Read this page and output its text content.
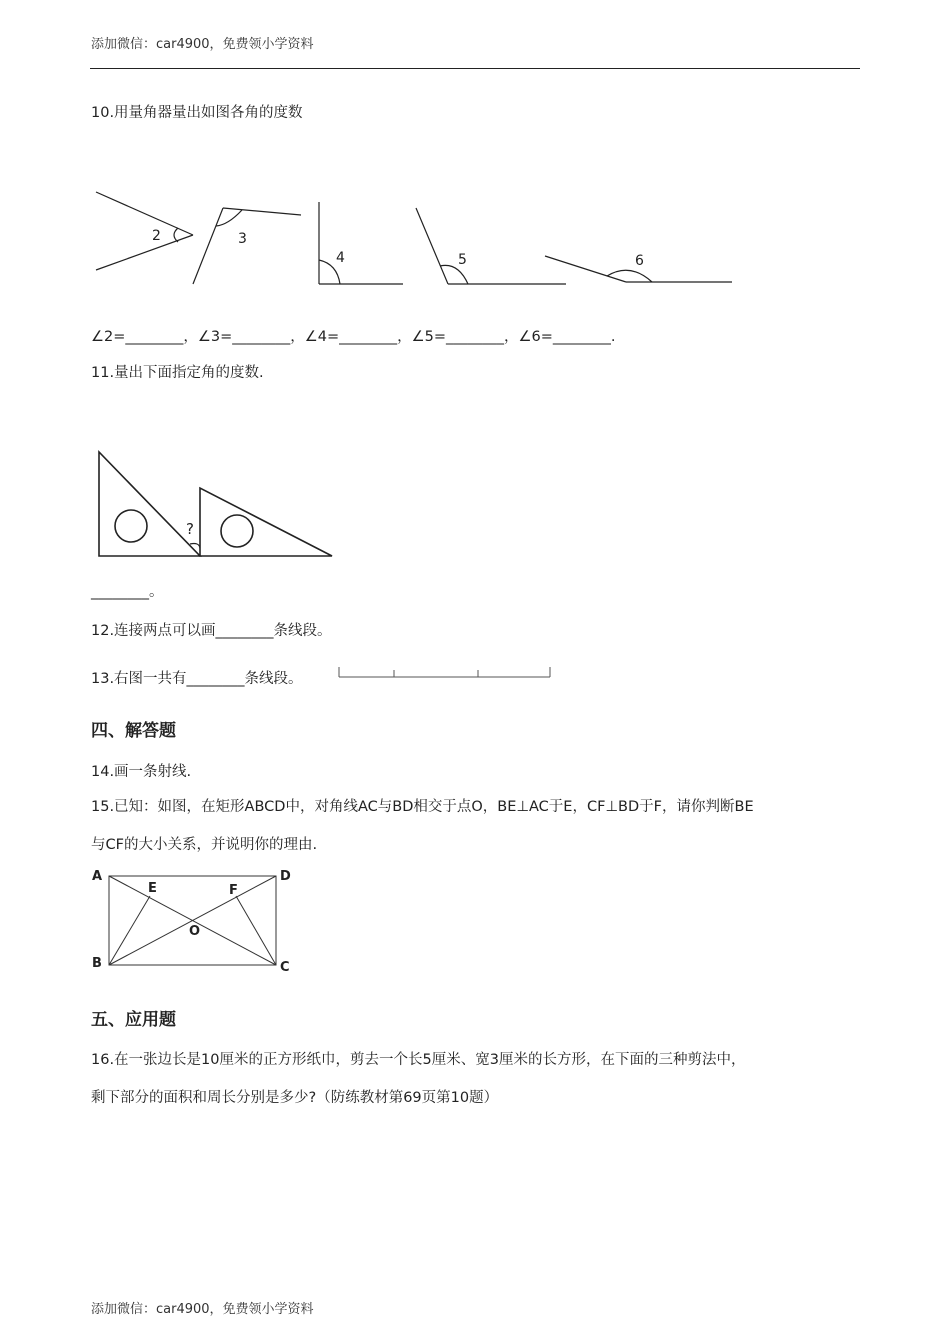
添加微信：car4900，免费领小学资料
10.用量角器量出如图各角的度数
2	3
4	5	6
∠2=________，∠3=________，∠4=________，∠5=________，∠6=________.
11.量出下面指定角的度数.
?
________。
12.连接两点可以画________条线段。
13.右图一共有________条线段。
四、解答题
14.画一条射线.
15.已知：如图，在矩形ABCD中，对角线AC与BD相交于点O，BE⊥AC于E，CF⊥BD于F，请你判断BE
与CF的大小关系，并说明你的理由.
A	D
E	F
O
B	C
五、应用题
16.在一张边长是10厘米的正方形纸巾，剪去一个长5厘米、宽3厘米的长方形，在下面的三种剪法中，
剩下部分的面积和周长分别是多少?（防练教材第69页第10题）
添加微信：car4900，免费领小学资料
